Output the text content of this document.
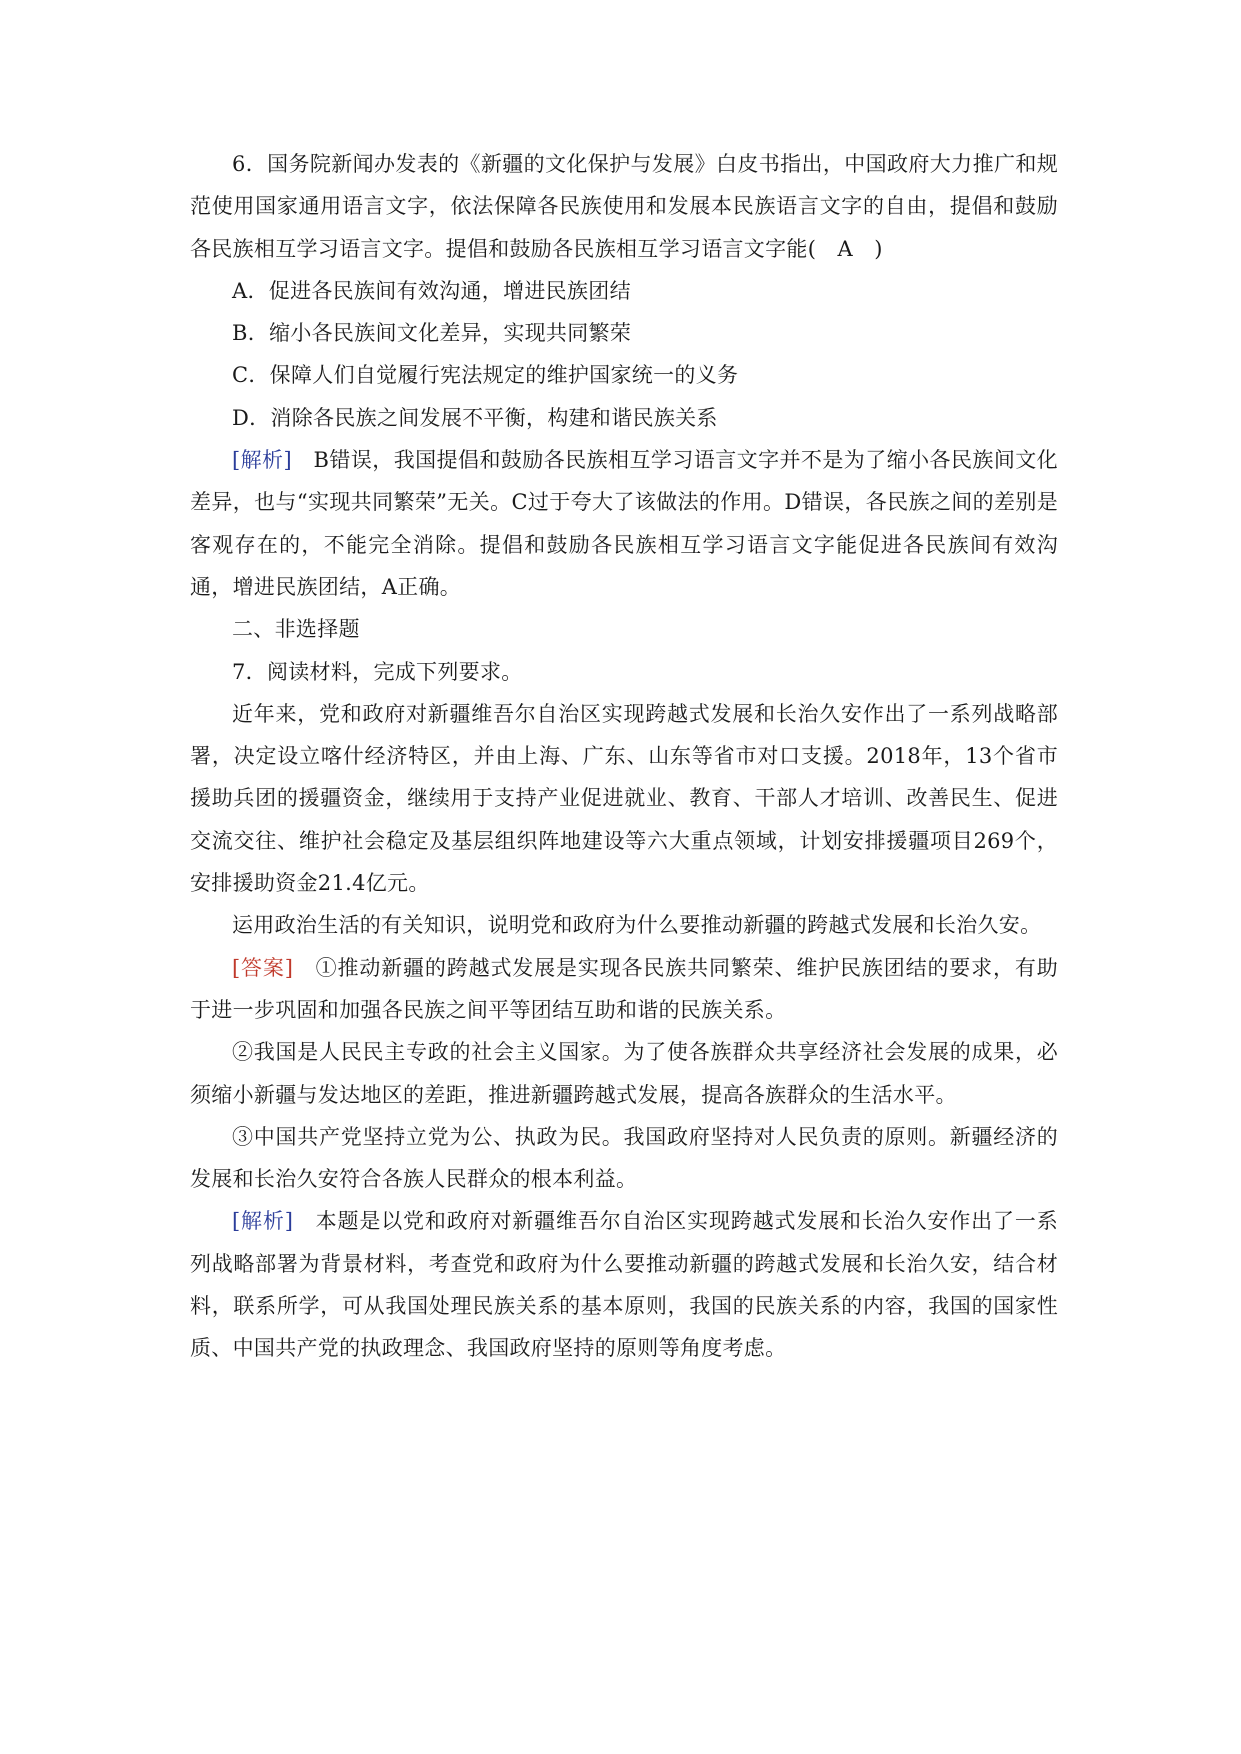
6．国务院新闻办发表的《新疆的文化保护与发展》白皮书指出，中国政府大力推广和规范使用国家通用语言文字，依法保障各民族使用和发展本民族语言文字的自由，提倡和鼓励各民族相互学习语言文字。提倡和鼓励各民族相互学习语言文字能(　A　)

A．促进各民族间有效沟通，增进民族团结

B．缩小各民族间文化差异，实现共同繁荣

C．保障人们自觉履行宪法规定的维护国家统一的义务

D．消除各民族之间发展不平衡，构建和谐民族关系

[解析]　B错误，我国提倡和鼓励各民族相互学习语言文字并不是为了缩小各民族间文化差异，也与“实现共同繁荣”无关。C过于夸大了该做法的作用。D错误，各民族之间的差别是客观存在的，不能完全消除。提倡和鼓励各民族相互学习语言文字能促进各民族间有效沟通，增进民族团结，A正确。

二、非选择题

7．阅读材料，完成下列要求。

近年来，党和政府对新疆维吾尔自治区实现跨越式发展和长治久安作出了一系列战略部署，决定设立喀什经济特区，并由上海、广东、山东等省市对口支援。2018年，13个省市援助兵团的援疆资金，继续用于支持产业促进就业、教育、干部人才培训、改善民生、促进交流交往、维护社会稳定及基层组织阵地建设等六大重点领域，计划安排援疆项目269个，安排援助资金21.4亿元。

运用政治生活的有关知识，说明党和政府为什么要推动新疆的跨越式发展和长治久安。

[答案]　①推动新疆的跨越式发展是实现各民族共同繁荣、维护民族团结的要求，有助于进一步巩固和加强各民族之间平等团结互助和谐的民族关系。

②我国是人民民主专政的社会主义国家。为了使各族群众共享经济社会发展的成果，必须缩小新疆与发达地区的差距，推进新疆跨越式发展，提高各族群众的生活水平。

③中国共产党坚持立党为公、执政为民。我国政府坚持对人民负责的原则。新疆经济的发展和长治久安符合各族人民群众的根本利益。

[解析]　本题是以党和政府对新疆维吾尔自治区实现跨越式发展和长治久安作出了一系列战略部署为背景材料，考查党和政府为什么要推动新疆的跨越式发展和长治久安，结合材料，联系所学，可从我国处理民族关系的基本原则，我国的民族关系的内容，我国的国家性质、中国共产党的执政理念、我国政府坚持的原则等角度考虑。
